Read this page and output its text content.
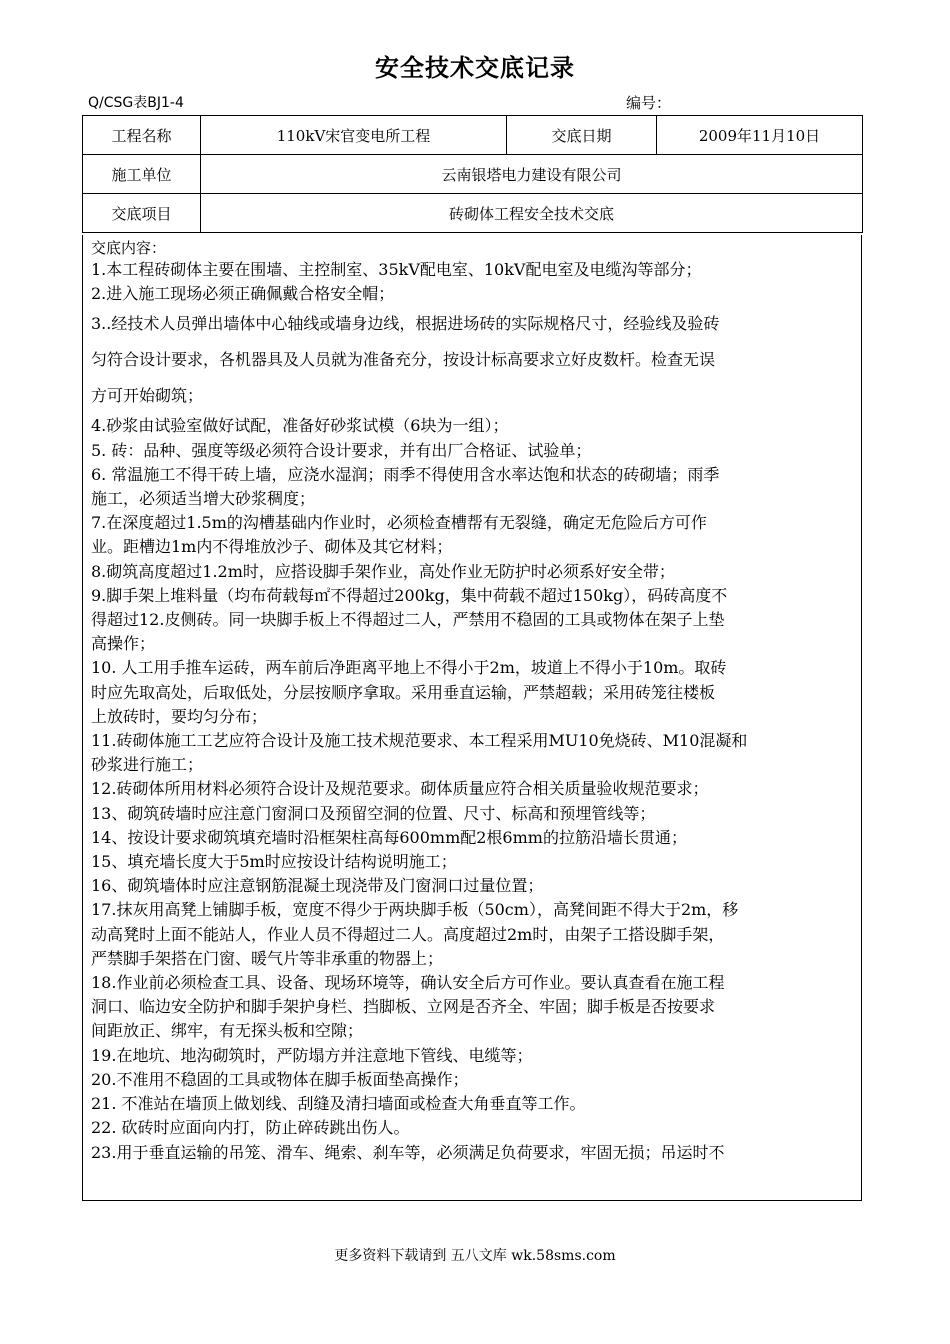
安全技术交底记录
Q/CSG表BJ1-4	编号：
工程名称	110kV宋官变电所工程	交底日期	2009年11月10日
施工单位	云南银塔电力建设有限公司		
交底项目	砖砌体工程安全技术交底		

交底内容：

1.本工程砖砌体主要在围墙、主控制室、35kV配电室、10kV配电室及电缆沟等部分；

2.进入施工现场必须正确佩戴合格安全帽；

3..经技术人员弹出墙体中心轴线或墙身边线，根据进场砖的实际规格尺寸，经验线及验砖

匀符合设计要求，各机器具及人员就为准备充分，按设计标高要求立好皮数杆。检查无误

方可开始砌筑；

4.砂浆由试验室做好试配，准备好砂浆试模（6块为一组）；

5. 砖：品种、强度等级必须符合设计要求，并有出厂合格证、试验单；

6. 常温施工不得干砖上墙，应浇水湿润；雨季不得使用含水率达饱和状态的砖砌墙；雨季

施工，必须适当增大砂浆稠度；

7.在深度超过1.5m的沟槽基础内作业时，必须检查槽帮有无裂缝，确定无危险后方可作

业。距槽边1m内不得堆放沙子、砌体及其它材料；

8.砌筑高度超过1.2m时，应搭设脚手架作业，高处作业无防护时必须系好安全带；

9.脚手架上堆料量（均布荷载每㎡不得超过200kg，集中荷载不超过150kg），码砖高度不

得超过12.皮侧砖。同一块脚手板上不得超过二人，严禁用不稳固的工具或物体在架子上垫

高操作；

10. 人工用手推车运砖，两车前后净距离平地上不得小于2m，坡道上不得小于10m。取砖

时应先取高处，后取低处，分层按顺序拿取。采用垂直运输，严禁超载；采用砖笼往楼板

上放砖时，要均匀分布；

11.砖砌体施工工艺应符合设计及施工技术规范要求、本工程采用MU10免烧砖、M10混凝和

砂浆进行施工；

12.砖砌体所用材料必须符合设计及规范要求。砌体质量应符合相关质量验收规范要求；

13、砌筑砖墙时应注意门窗洞口及预留空洞的位置、尺寸、标高和预埋管线等；

14、按设计要求砌筑填充墙时沿框架柱高每600mm配2根6mm的拉筋沿墙长贯通；

15、填充墙长度大于5m时应按设计结构说明施工；

16、砌筑墙体时应注意钢筋混凝土现浇带及门窗洞口过量位置；

17.抹灰用高凳上铺脚手板，宽度不得少于两块脚手板（50cm），高凳间距不得大于2m，移

动高凳时上面不能站人，作业人员不得超过二人。高度超过2m时，由架子工搭设脚手架，

严禁脚手架搭在门窗、暖气片等非承重的物器上；

18.作业前必须检查工具、设备、现场环境等，确认安全后方可作业。要认真查看在施工程

洞口、临边安全防护和脚手架护身栏、挡脚板、立网是否齐全、牢固；脚手板是否按要求

间距放正、绑牢，有无探头板和空隙；

19.在地坑、地沟砌筑时，严防塌方并注意地下管线、电缆等；

20.不准用不稳固的工具或物体在脚手板面垫高操作；

21. 不准站在墙顶上做划线、刮缝及清扫墙面或检查大角垂直等工作。

22. 砍砖时应面向内打，防止碎砖跳出伤人。

23.用于垂直运输的吊笼、滑车、绳索、刹车等，必须满足负荷要求，牢固无损；吊运时不

更多资料下载请到 五八文库 wk.58sms.com
